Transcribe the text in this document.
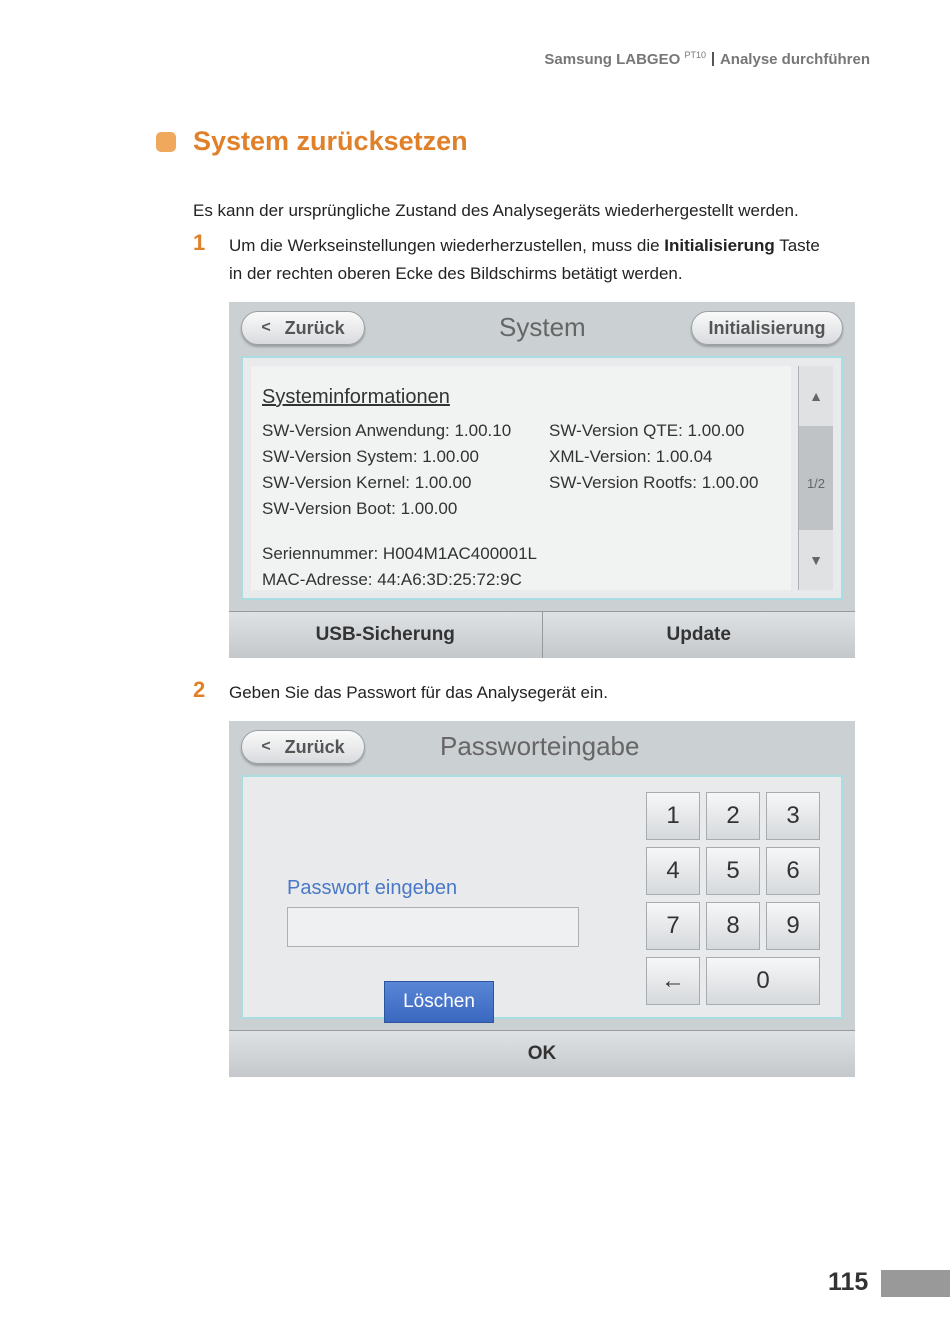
Samsung LABGEO $^{PT10}$ Analyse durchführen
System zurücksetzen
Es kann der ursprüngliche Zustand des Analysegeräts wiederhergestellt werden.
1 Um die Werkseinstellungen wiederherzustellen, muss die Initialisierung Taste
in der rechten oberen Ecke des Bildschirms betätigt werden.
< Zurück	System	Initialisierung
Systeminformationen
SW-Version Anwendung: 1.00.10
SW-Version System: 1.00.00
SW-Version Kernel: 1.00.00
SW-Version Boot: 1.00.00
SW-Version QTE: 1.00.00
XML-Version: 1.00.04
SW-Version Rootfs: 1.00.00
Seriennummer: H004M1AC400001L
MAC-Adresse: 44:A6:3D:25:72:9C
▲
1/2
▼
USB-Sicherung	Update
2 Geben Sie das Passwort für das Analysegerät ein.
< Zurück	Passworteingabe
Passwort eingeben
Löschen
1	2	3
4	5	6
7	8	9
←	0
OK
115
